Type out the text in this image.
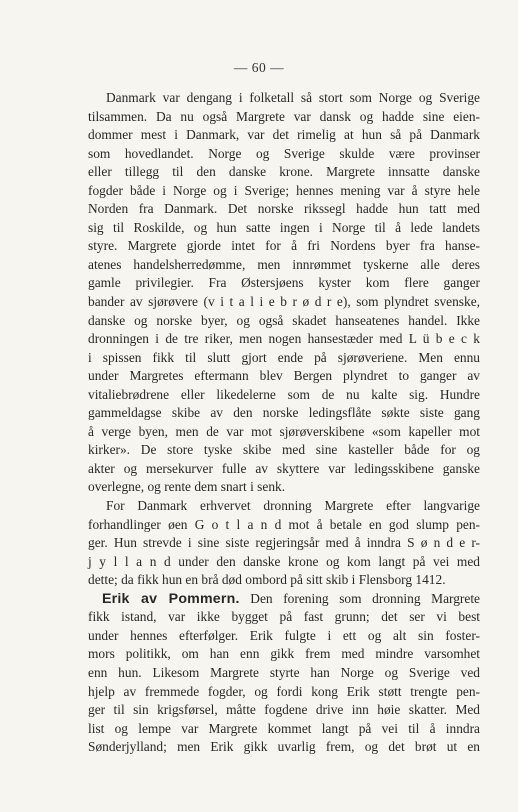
— 60 —
Danmark var dengang i folketall så stort som Norge og Sverige
tilsammen. Da nu også Margrete var dansk og hadde sine eien-
dommer mest i Danmark, var det rimelig at hun så på Danmark
som hovedlandet. Norge og Sverige skulde være provinser
eller tillegg til den danske krone. Margrete innsatte danske
fogder både i Norge og i Sverige; hennes mening var å styre hele
Norden fra Danmark. Det norske rikssegl hadde hun tatt med
sig til Roskilde, og hun satte ingen i Norge til å lede landets
styre. Margrete gjorde intet for å fri Nordens byer fra hanse-
atenes handelsherredømme, men innrømmet tyskerne alle deres
gamle privilegier. Fra Østersjøens kyster kom flere ganger
bander av sjørøvere (v i t a l i e b r ø d r e), som plyndret svenske,
danske og norske byer, og også skadet hanseatenes handel. Ikke
dronningen i de tre riker, men nogen hansestæder med L ü b e c k
i spissen fikk til slutt gjort ende på sjørøveriene. Men ennu
under Margretes eftermann blev Bergen plyndret to ganger av
vitaliebrødrene eller likedelerne som de nu kalte sig. Hundre
gammeldagse skibe av den norske ledingsflåte søkte siste gang
å verge byen, men de var mot sjørøverskibene «som kapeller mot
kirker». De store tyske skibe med sine kasteller både for og
akter og mersekurver fulle av skyttere var ledingsskibene ganske
overlegne, og rente dem snart i senk.
For Danmark erhvervet dronning Margrete efter langvarige
forhandlinger øen G o t l a n d mot å betale en god slump pen-
ger. Hun strevde i sine siste regjeringsår med å inndra S ø n d e r-
j y l l a n d under den danske krone og kom langt på vei med
dette; da fikk hun en brå død ombord på sitt skib i Flensborg 1412.
Erik av Pommern. Den forening som dronning Margrete
fikk istand, var ikke bygget på fast grunn; det ser vi best
under hennes efterfølger. Erik fulgte i ett og alt sin foster-
mors politikk, om han enn gikk frem med mindre varsomhet
enn hun. Likesom Margrete styrte han Norge og Sverige ved
hjelp av fremmede fogder, og fordi kong Erik støtt trengte pen-
ger til sin krigsførsel, måtte fogdene drive inn høie skatter. Med
list og lempe var Margrete kommet langt på vei til å inndra
Sønderjylland; men Erik gikk uvarlig frem, og det brøt ut en
